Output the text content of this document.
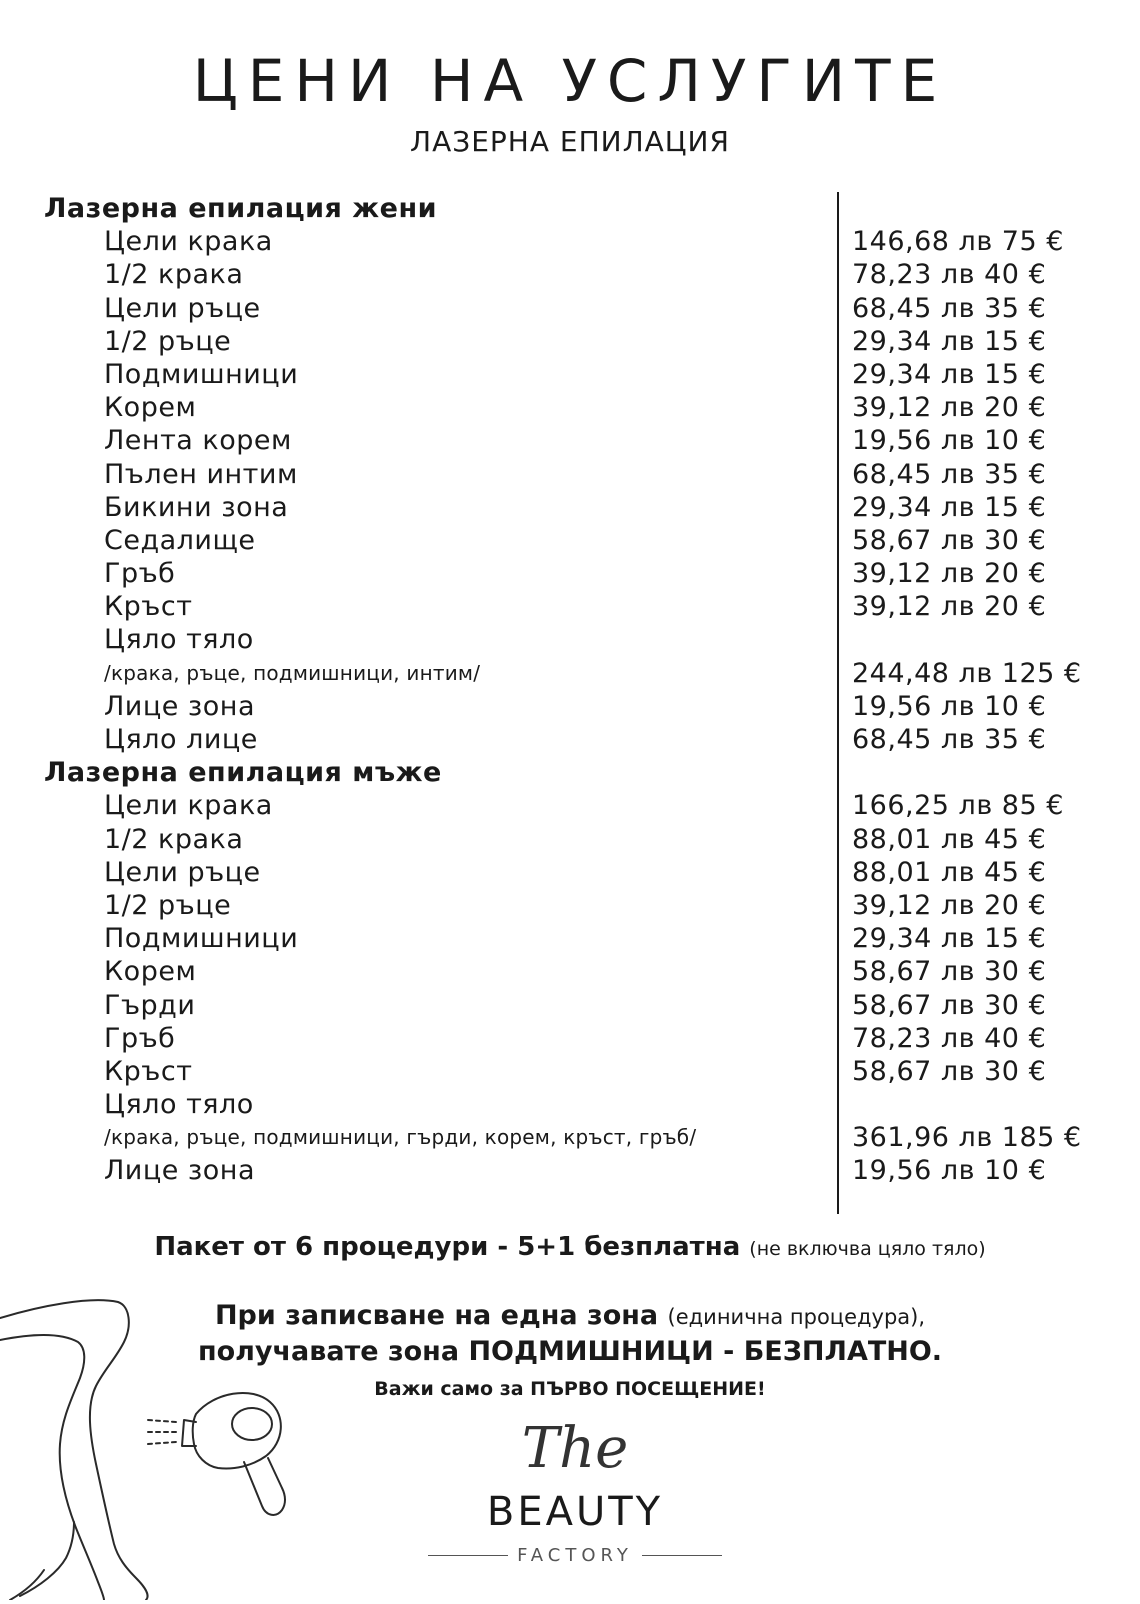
ЦЕНИ НА УСЛУГИТЕ
ЛАЗЕРНА ЕПИЛАЦИЯ
Лазерна епилация жени
Цели крака	146,68 лв 75 €
1/2 крака	78,23 лв 40 €
Цели ръце	68,45 лв 35 €
1/2 ръце	29,34 лв 15 €
Подмишници	29,34 лв 15 €
Корем	39,12 лв 20 €
Лента корем	19,56 лв 10 €
Пълен интим	68,45 лв 35 €
Бикини зона	29,34 лв 15 €
Седалище	58,67 лв 30 €
Гръб	39,12 лв 20 €
Кръст	39,12 лв 20 €
Цяло тяло
/крака, ръце, подмишници, интим/	244,48 лв 125 €
Лице зона	19,56 лв 10 €
Цяло лице	68,45 лв 35 €
Лазерна епилация мъже
Цели крака	166,25 лв 85 €
1/2 крака	88,01 лв 45 €
Цели ръце	88,01 лв 45 €
1/2 ръце	39,12 лв 20 €
Подмишници	29,34 лв 15 €
Корем	58,67 лв 30 €
Гърди	58,67 лв 30 €
Гръб	78,23 лв 40 €
Кръст	58,67 лв 30 €
Цяло тяло
/крака, ръце, подмишници, гърди, корем, кръст, гръб/	361,96 лв 185 €
Лице зона	19,56 лв 10 €
Пакет от 6 процедури - 5+1 безплатна (не включва цяло тяло)
При записване на една зона (единична процедура),
получавате зона ПОДМИШНИЦИ - БЕЗПЛАТНО.
Важи само за ПЪРВО ПОСЕЩЕНИЕ!
The
BEAUTY
FACTORY
